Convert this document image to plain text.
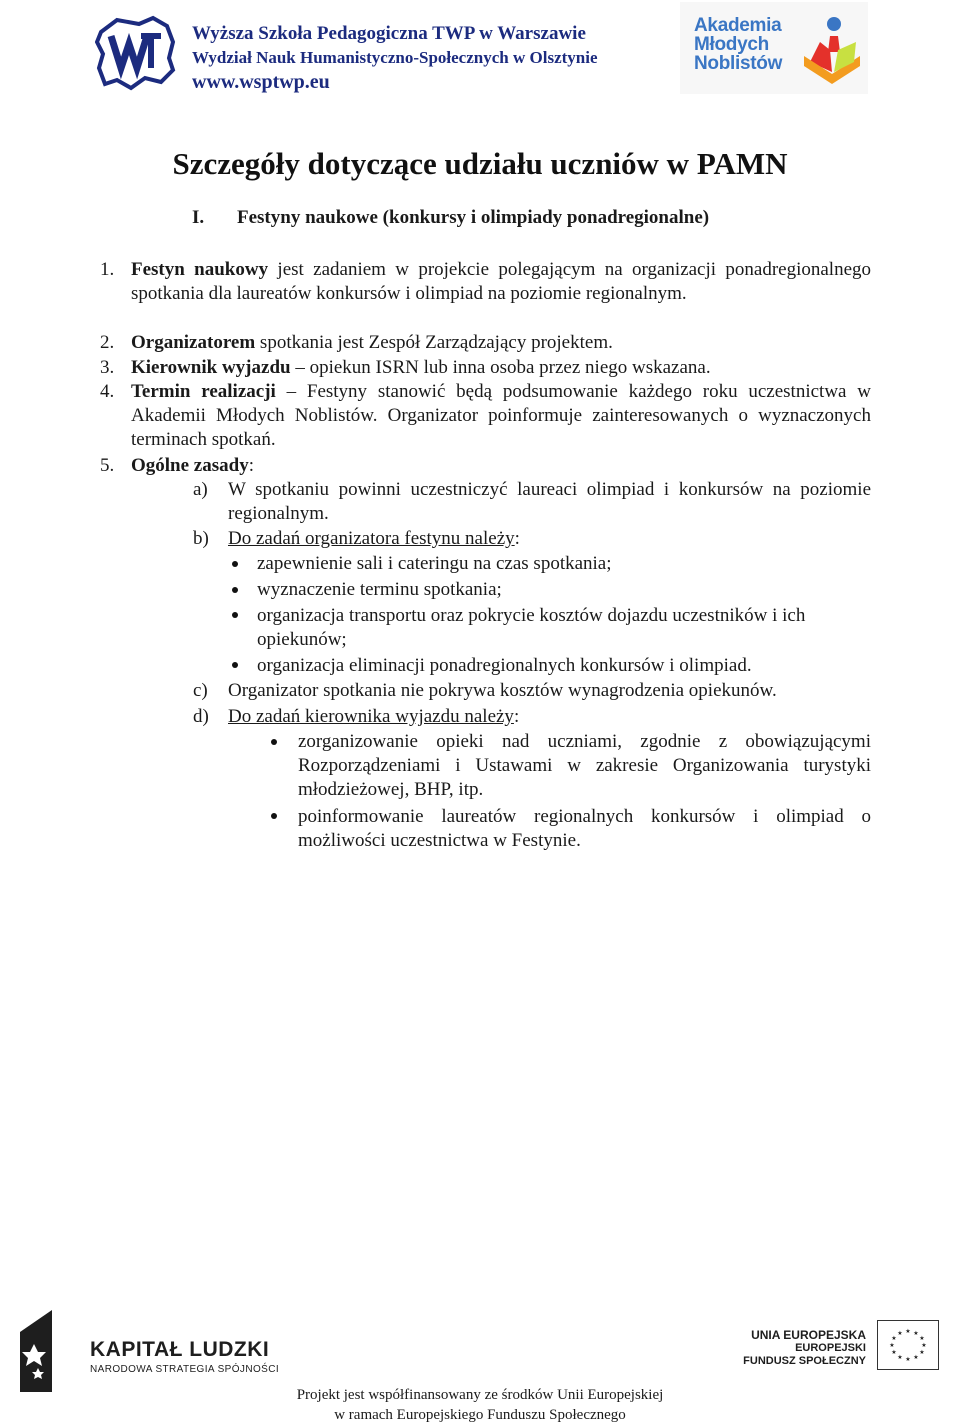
Wyższa Szkoła Pedagogiczna TWP w Warszawie
Wydział Nauk Humanistyczno-Społecznych w Olsztynie
www.wsptwp.eu
Akademia
Młodych
Noblistów
Szczegóły dotyczące udziału uczniów w PAMN
I. Festyny naukowe (konkursy i olimpiady ponadregionalne)
1. Festyn naukowy jest zadaniem w projekcie polegającym na organizacji ponadregionalnego spotkania dla laureatów konkursów i olimpiad na poziomie regionalnym.
2. Organizatorem spotkania jest Zespół Zarządzający projektem.
3. Kierownik wyjazdu – opiekun ISRN lub inna osoba przez niego wskazana.
4. Termin realizacji – Festyny stanowić będą podsumowanie każdego roku uczestnictwa w Akademii Młodych Noblistów. Organizator poinformuje zainteresowanych o wyznaczonych terminach spotkań.
5. Ogólne zasady:
a) W spotkaniu powinni uczestniczyć laureaci olimpiad i konkursów na poziomie regionalnym.
b) Do zadań organizatora festynu należy:
zapewnienie sali i cateringu na czas spotkania;
wyznaczenie terminu spotkania;
organizacja transportu oraz pokrycie kosztów dojazdu uczestników i ich opiekunów;
organizacja eliminacji ponadregionalnych konkursów i olimpiad.
c) Organizator spotkania nie pokrywa kosztów wynagrodzenia opiekunów.
d) Do zadań kierownika wyjazdu należy:
zorganizowanie opieki nad uczniami, zgodnie z obowiązującymi Rozporządzeniami i Ustawami w zakresie Organizowania turystyki młodzieżowej, BHP, itp.
poinformowanie laureatów regionalnych konkursów i olimpiad o możliwości uczestnictwa w Festynie.
KAPITAŁ LUDZKI
NARODOWA STRATEGIA SPÓJNOŚCI
UNIA EUROPEJSKA
EUROPEJSKI
FUNDUSZ SPOŁECZNY
★ ★
★
★
★
★
★
★
★
★
★
★
Projekt jest współfinansowany ze środków Unii Europejskiej
w ramach Europejskiego Funduszu Społecznego
